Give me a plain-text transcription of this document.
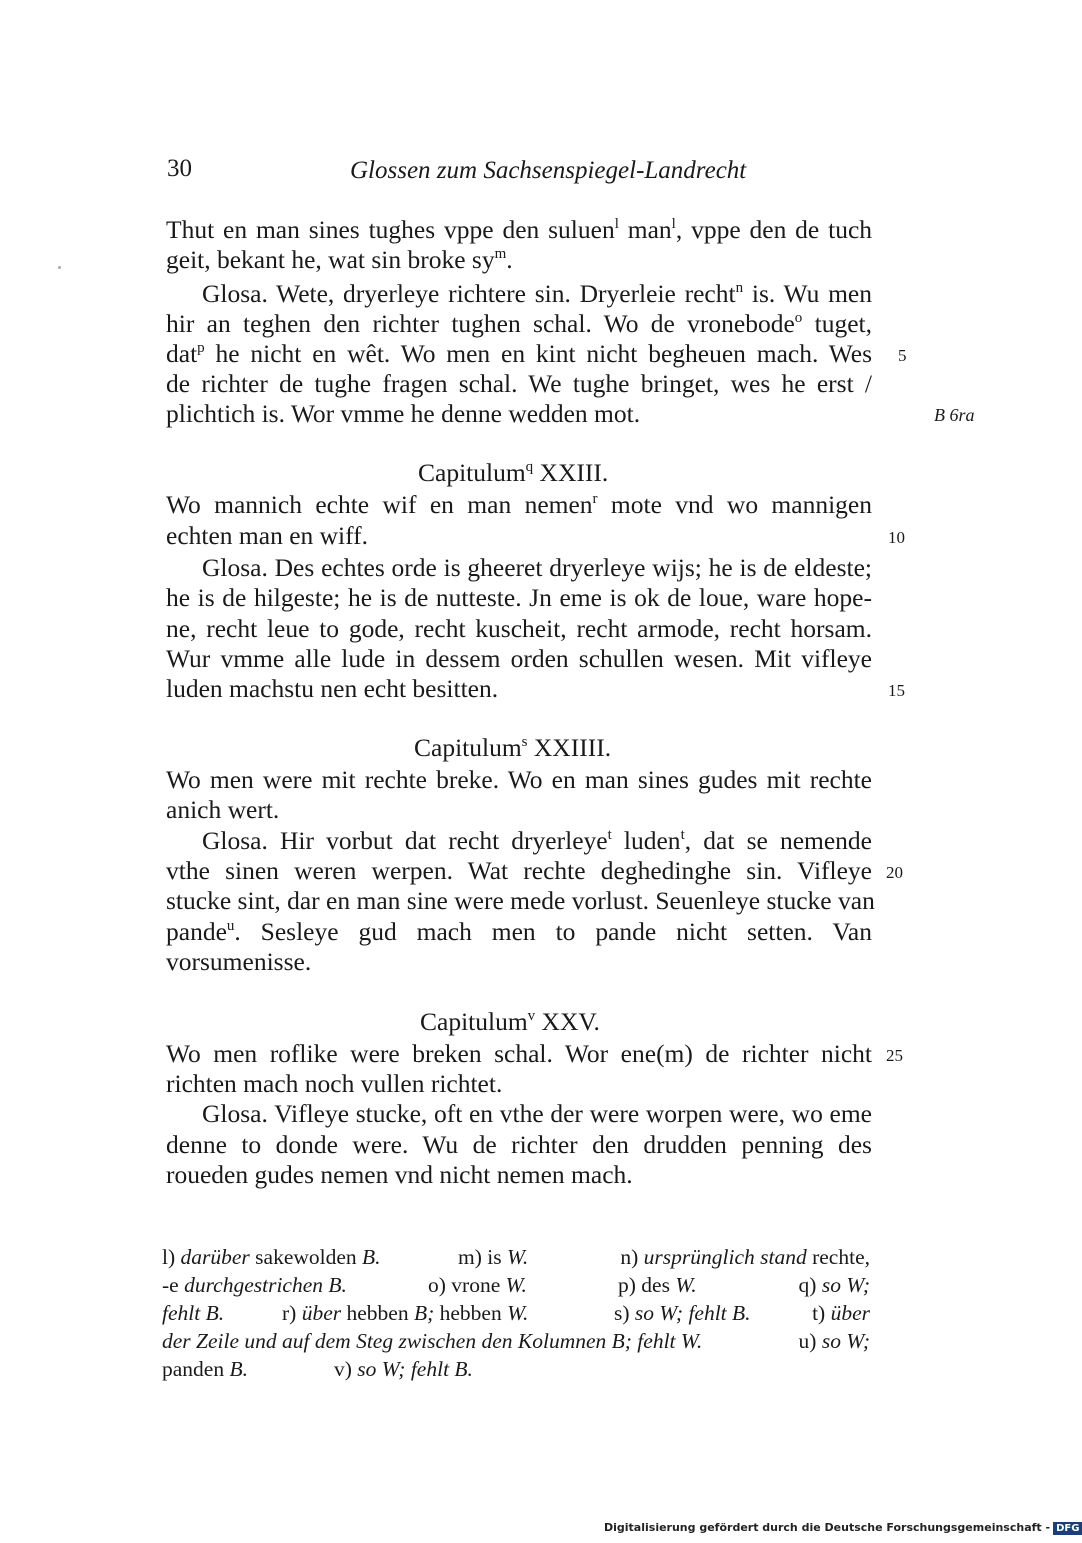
30	Glossen zum Sachsenspiegel-Landrecht
Thut en man sines tughes vppe den suluen$^l$ man$^l$, vppe den de tuch
geit, bekant he, wat sin broke $sy^m$.
Glosa. Wete, dryerleye richtere sin. Dryerleie recht$^n$ is. Wu men
hir an teghen den richter tughen schal. Wo de vronebode$^o$ tuget,
dat$^p$ he nicht en wêt. Wo men en kint nicht begheuen mach. Wes
de richter de tughe fragen schal. We tughe bringet, wes he erst /
plichtich is. Wor vmme he denne wedden mot.
5
B 6ra
Capitulum$^q$ XXIII.
Wo mannich echte wif en man nemen$^r$ mote vnd wo mannigen
echten man en wiff.
Glosa. Des echtes orde is gheeret dryerleye wijs; he is de eldeste;
he is de hilgeste; he is de nutteste. Jn eme is ok de loue, ware hope-
ne, recht leue to gode, recht kuscheit, recht armode, recht horsam.
Wur vmme alle lude in dessem orden schullen wesen. Mit vifleye
luden machstu nen echt besitten.
10
15
Capitulum$^s$ XXIIII.
Wo men were mit rechte breke. Wo en man sines gudes mit rechte
anich wert.
Glosa. Hir vorbut dat recht dryerleye$^t$ luden$^t$, dat se nemende
vthe sinen weren werpen. Wat rechte deghedinghe sin. Vifleye
stucke sint, dar en man sine were mede vorlust. Seuenleye stucke van
pande$^u$. Sesleye gud mach men to pande nicht setten. Van
vorsumenisse.
20
Capitulum$^v$ XXV.
Wo men roflike were breken schal. Wor ene(m) de richter nicht
richten mach noch vullen richtet.
Glosa. Vifleye stucke, oft en vthe der were worpen were, wo eme
denne to donde were. Wu de richter den drudden penning des
roueden gudes nemen vnd nicht nemen mach.
25
l) darüber sakewolden B.	m) is W.	n) ursprünglich stand rechte,
-e durchgestrichen B.	o) vrone W.	p) des W.	q) so W;
fehlt B.	r) über hebben B; hebben W.	s) so W; fehlt B.	t) über
der Zeile und auf dem Steg zwischen den Kolumnen B; fehlt W.	u) so W;
panden B.	v) so W; fehlt B.
Digitalisierung gefördert durch die Deutsche Forschungsgemeinschaft - DFG
